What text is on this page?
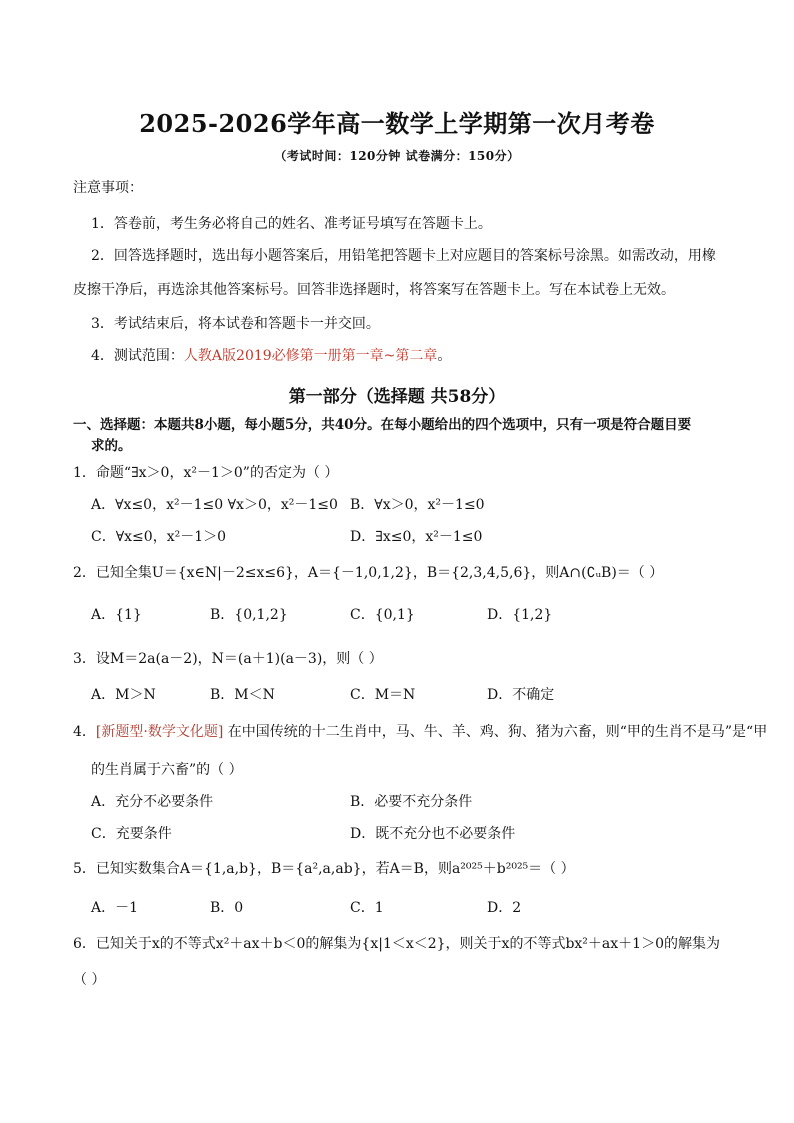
2025-2026学年高一数学上学期第一次月考卷
（考试时间：120分钟 试卷满分：150分）
注意事项：
1．答卷前，考生务必将自己的姓名、准考证号填写在答题卡上。
2．回答选择题时，选出每小题答案后，用铅笔把答题卡上对应题目的答案标号涂黑。如需改动，用橡
皮擦干净后，再选涂其他答案标号。回答非选择题时，将答案写在答题卡上。写在本试卷上无效。
3．考试结束后，将本试卷和答题卡一并交回。
4．测试范围：人教A版2019必修第一册第一章~第二章。
第一部分（选择题 共58分）
一、选择题：本题共8小题，每小题5分，共40分。在每小题给出的四个选项中，只有一项是符合题目要
求的。
1．命题“∃x＞0，x²－1＞0”的否定为（ ）
A．∀x≤0，x²－1≤0 ∀x＞0，x²－1≤0 B．∀x＞0，x²－1≤0
C．∀x≤0，x²－1＞0	D．∃x≤0，x²－1≤0
2．已知全集U＝{x∈N|－2≤x≤6}，A＝{－1,0,1,2}，B＝{2,3,4,5,6}，则A∩(∁ᵤB)＝（ ）
A．{1}	B．{0,1,2}	C．{0,1}	D．{1,2}
3．设M＝2a(a－2)，N＝(a＋1)(a－3)，则（ ）
A．M＞N	B．M＜N	C．M＝N	D．不确定
4．[新题型·数学文化题] 在中国传统的十二生肖中，马、牛、羊、鸡、狗、猪为六畜，则“甲的生肖不是马”是“甲
的生肖属于六畜”的（ ）
A．充分不必要条件	B．必要不充分条件
C．充要条件	D．既不充分也不必要条件
5．已知实数集合A＝{1,a,b}，B＝{a²,a,ab}，若A＝B，则a²⁰²⁵＋b²⁰²⁵＝（ ）
A．－1	B．0	C．1	D．2
6．已知关于x的不等式x²＋ax＋b＜0的解集为{x|1＜x＜2}，则关于x的不等式bx²＋ax＋1＞0的解集为
（ ）
